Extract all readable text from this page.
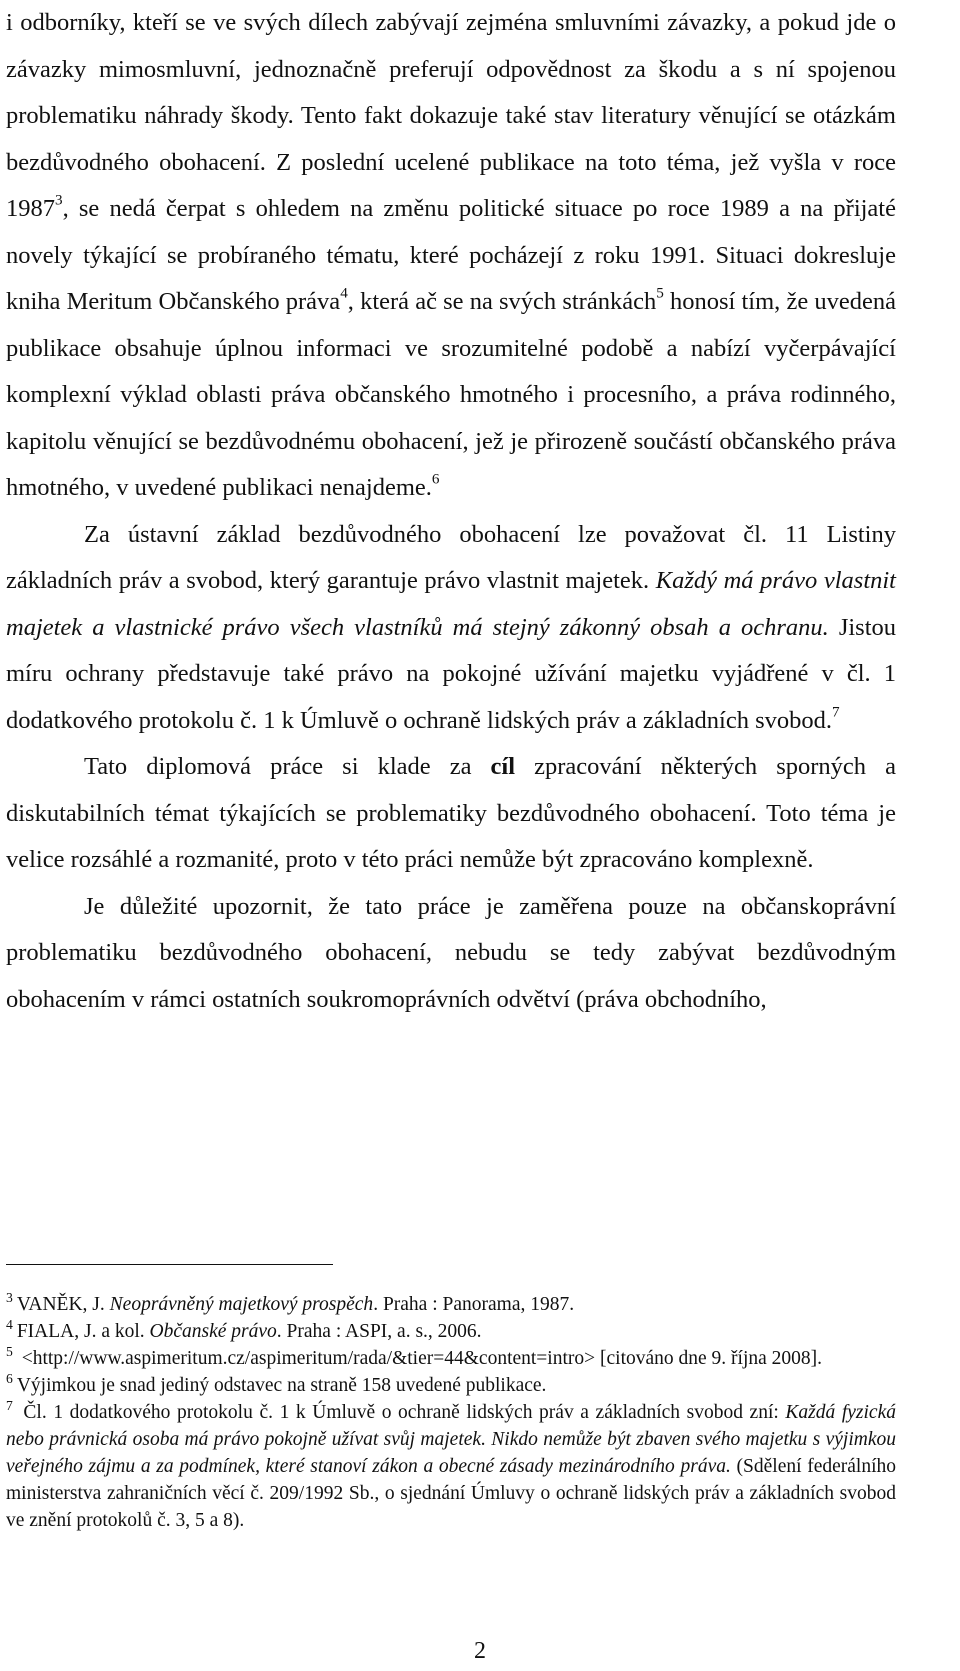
i odborníky, kteří se ve svých dílech zabývají zejména smluvními závazky, a pokud jde o závazky mimosmluvní, jednoznačně preferují odpovědnost za škodu a s ní spojenou problematiku náhrady škody. Tento fakt dokazuje také stav literatury věnující se otázkám bezdůvodného obohacení. Z poslední ucelené publikace na toto téma, jež vyšla v roce 1987$^3$, se nedá čerpat s ohledem na změnu politické situace po roce 1989 a na přijaté novely týkající se probíraného tématu, které pocházejí z roku 1991. Situaci dokresluje kniha Meritum Občanského práva$^4$, která ač se na svých stránkách$^5$ honosí tím, že uvedená publikace obsahuje úplnou informaci ve srozumitelné podobě a nabízí vyčerpávající komplexní výklad oblasti práva občanského hmotného i procesního, a práva rodinného, kapitolu věnující se bezdůvodnému obohacení, jež je přirozeně součástí občanského práva hmotného, v uvedené publikaci nenajdeme.$^6$

Za ústavní základ bezdůvodného obohacení lze považovat čl. 11 Listiny základních práv a svobod, který garantuje právo vlastnit majetek. Každý má právo vlastnit majetek a vlastnické právo všech vlastníků má stejný zákonný obsah a ochranu. Jistou míru ochrany představuje také právo na pokojné užívání majetku vyjádřené v čl. 1 dodatkového protokolu č. 1 k Úmluvě o ochraně lidských práv a základních svobod.$^7$

Tato diplomová práce si klade za cíl zpracování některých sporných a diskutabilních témat týkajících se problematiky bezdůvodného obohacení. Toto téma je velice rozsáhlé a rozmanité, proto v této práci nemůže být zpracováno komplexně.

Je důležité upozornit, že tato práce je zaměřena pouze na občanskoprávní problematiku bezdůvodného obohacení, nebudu se tedy zabývat bezdůvodným obohacením v rámci ostatních soukromoprávních odvětví (práva obchodního,

$^3$ VANĚK, J. Neoprávněný majetkový prospěch. Praha : Panorama, 1987.

$^4$ FIALA, J. a kol. Občanské právo. Praha : ASPI, a. s., 2006.

$^5$ <http://www.aspimeritum.cz/aspimeritum/rada/&tier=44&content=intro> [citováno dne 9. října 2008].

$^6$ Výjimkou je snad jediný odstavec na straně 158 uvedené publikace.

$^7$ Čl. 1 dodatkového protokolu č. 1 k Úmluvě o ochraně lidských práv a základních svobod zní: Každá fyzická nebo právnická osoba má právo pokojně užívat svůj majetek. Nikdo nemůže být zbaven svého majetku s výjimkou veřejného zájmu a za podmínek, které stanoví zákon a obecné zásady mezinárodního práva. (Sdělení federálního ministerstva zahraničních věcí č. 209/1992 Sb., o sjednání Úmluvy o ochraně lidských práv a základních svobod ve znění protokolů č. 3, 5 a 8).

2
